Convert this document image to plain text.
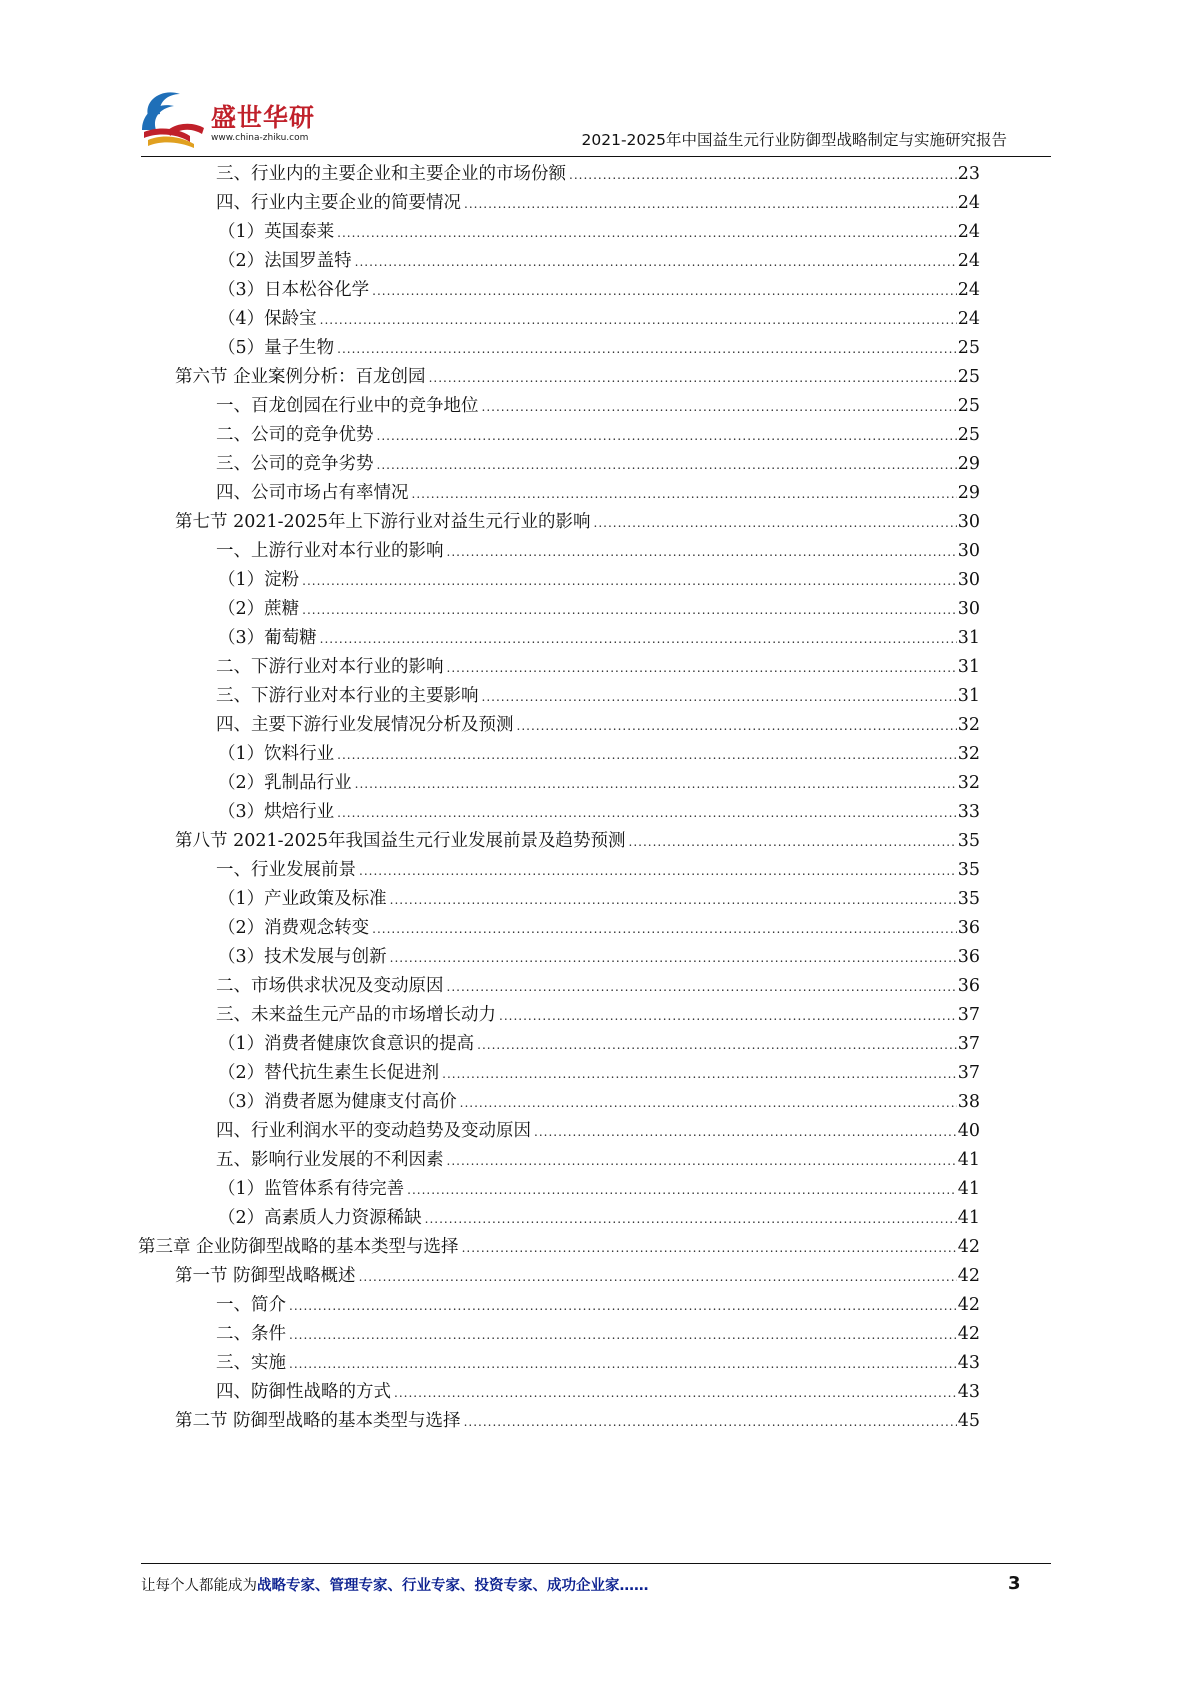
盛世华研
www.china-zhiku.com	2021-2025年中国益生元行业防御型战略制定与实施研究报告
三、行业内的主要企业和主要企业的市场份额 .....	23
四、行业内主要企业的简要情况 .....	24
（1）英国泰莱 .....	24
（2）法国罗盖特 .....	24
（3）日本松谷化学 .....	24
（4）保龄宝 .....	24
（5）量子生物 .....	25
第六节 企业案例分析：百龙创园 .....	25
一、百龙创园在行业中的竞争地位 .....	25
二、公司的竞争优势 .....	25
三、公司的竞争劣势 .....	29
四、公司市场占有率情况 .....	29
第七节 2021-2025年上下游行业对益生元行业的影响 .....	30
一、上游行业对本行业的影响 .....	30
（1）淀粉 .....	30
（2）蔗糖 .....	30
（3）葡萄糖 .....	31
二、下游行业对本行业的影响 .....	31
三、下游行业对本行业的主要影响 .....	31
四、主要下游行业发展情况分析及预测 .....	32
（1）饮料行业 .....	32
（2）乳制品行业 .....	32
（3）烘焙行业 .....	33
第八节 2021-2025年我国益生元行业发展前景及趋势预测 .....	35
一、行业发展前景 .....	35
（1）产业政策及标准 .....	35
（2）消费观念转变 .....	36
（3）技术发展与创新 .....	36
二、市场供求状况及变动原因 .....	36
三、未来益生元产品的市场增长动力 .....	37
（1）消费者健康饮食意识的提高 .....	37
（2）替代抗生素生长促进剂 .....	37
（3）消费者愿为健康支付高价 .....	38
四、行业利润水平的变动趋势及变动原因 .....	40
五、影响行业发展的不利因素 .....	41
（1）监管体系有待完善 .....	41
（2）高素质人力资源稀缺 .....	41
第三章 企业防御型战略的基本类型与选择 .....	42
第一节 防御型战略概述 .....	42
一、简介 .....	42
二、条件 .....	42
三、实施 .....	43
四、防御性战略的方式 .....	43
第二节 防御型战略的基本类型与选择 .....	45
让每个人都能成为战略专家、管理专家、行业专家、投资专家、成功企业家……	3
